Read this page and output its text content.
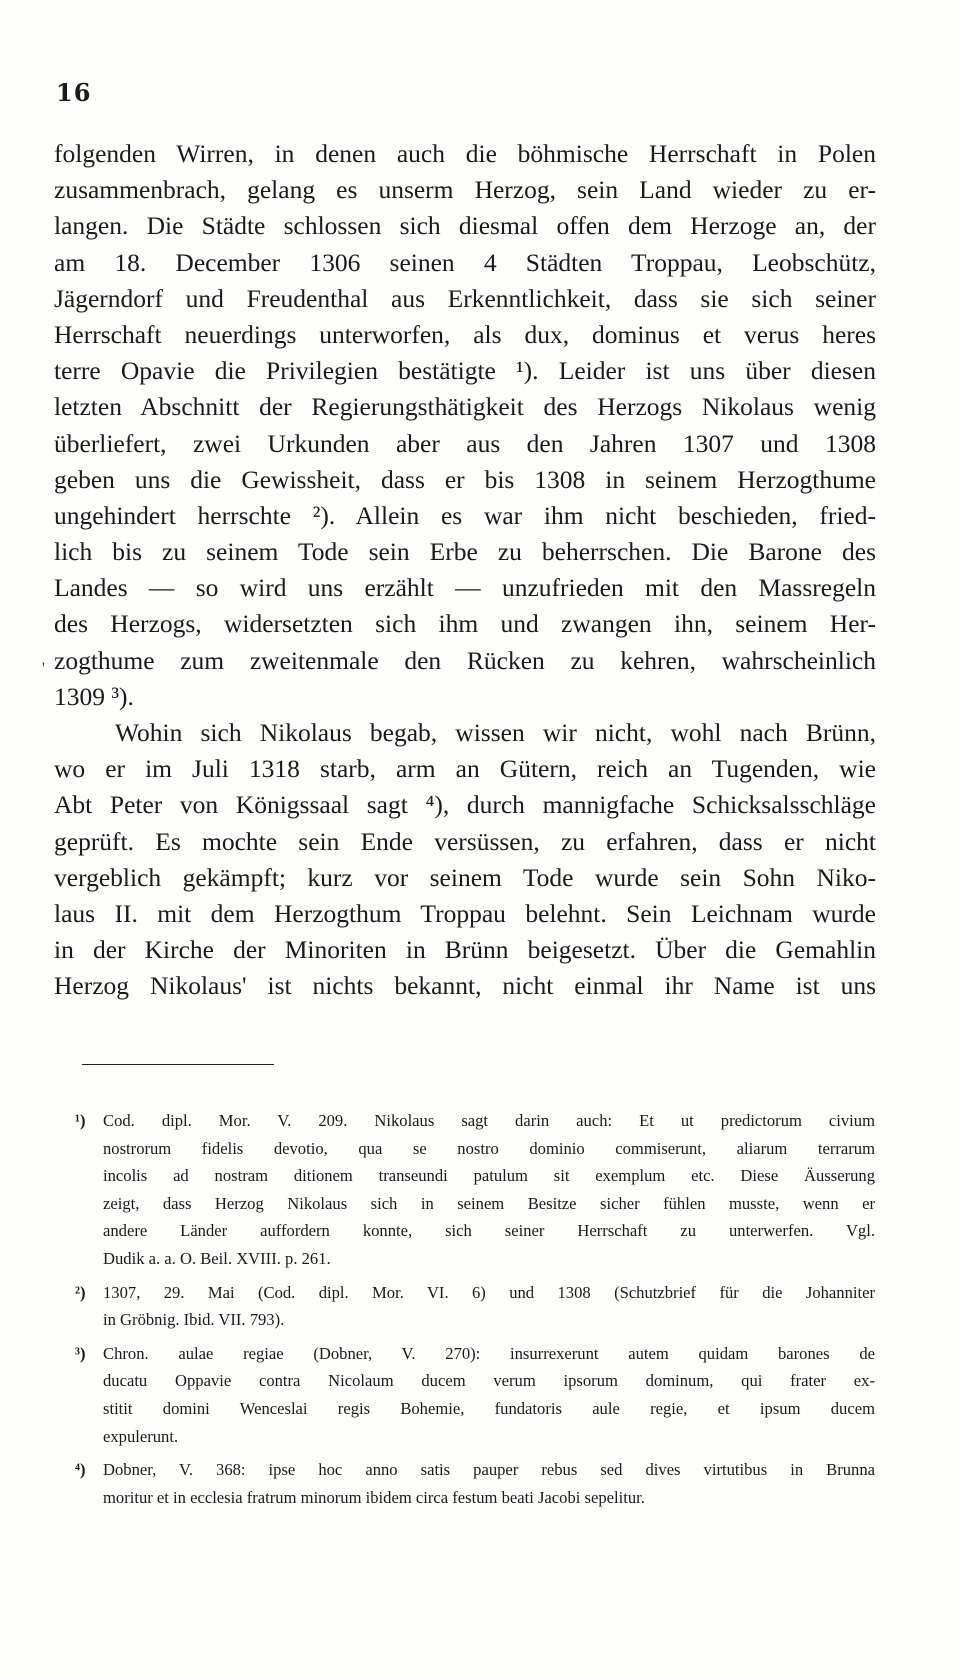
16
'
folgenden Wirren, in denen auch die böhmische Herrschaft in Polen
zusammenbrach, gelang es unserm Herzog, sein Land wieder zu er-
langen. Die Städte schlossen sich diesmal offen dem Herzoge an, der
am 18. December 1306 seinen 4 Städten Troppau, Leobschütz,
Jägerndorf und Freudenthal aus Erkenntlichkeit, dass sie sich seiner
Herrschaft neuerdings unterworfen, als dux, dominus et verus heres
terre Opavie die Privilegien bestätigte ¹). Leider ist uns über diesen
letzten Abschnitt der Regierungsthätigkeit des Herzogs Nikolaus wenig
überliefert, zwei Urkunden aber aus den Jahren 1307 und 1308
geben uns die Gewissheit, dass er bis 1308 in seinem Herzogthume
ungehindert herrschte ²). Allein es war ihm nicht beschieden, fried-
lich bis zu seinem Tode sein Erbe zu beherrschen. Die Barone des
Landes — so wird uns erzählt — unzufrieden mit den Massregeln
des Herzogs, widersetzten sich ihm und zwangen ihn, seinem Her-
zogthume zum zweitenmale den Rücken zu kehren, wahrscheinlich
1309 ³).
Wohin sich Nikolaus begab, wissen wir nicht, wohl nach Brünn,
wo er im Juli 1318 starb, arm an Gütern, reich an Tugenden, wie
Abt Peter von Königssaal sagt ⁴), durch mannigfache Schicksalsschläge
geprüft. Es mochte sein Ende versüssen, zu erfahren, dass er nicht
vergeblich gekämpft; kurz vor seinem Tode wurde sein Sohn Niko-
laus II. mit dem Herzogthum Troppau belehnt. Sein Leichnam wurde
in der Kirche der Minoriten in Brünn beigesetzt. Über die Gemahlin
Herzog Nikolaus' ist nichts bekannt, nicht einmal ihr Name ist uns
¹) Cod. dipl. Mor. V. 209. Nikolaus sagt darin auch: Et ut predictorum civium
nostrorum fidelis devotio, qua se nostro dominio commiserunt, aliarum terrarum
incolis ad nostram ditionem transeundi patulum sit exemplum etc. Diese Äusserung
zeigt, dass Herzog Nikolaus sich in seinem Besitze sicher fühlen musste, wenn er
andere Länder auffordern konnte, sich seiner Herrschaft zu unterwerfen. Vgl.
Dudik a. a. O. Beil. XVIII. p. 261.
²) 1307, 29. Mai (Cod. dipl. Mor. VI. 6) und 1308 (Schutzbrief für die Johanniter
in Gröbnig. Ibid. VII. 793).
³) Chron. aulae regiae (Dobner, V. 270): insurrexerunt autem quidam barones de
ducatu Oppavie contra Nicolaum ducem verum ipsorum dominum, qui frater ex-
stitit domini Wenceslai regis Bohemie, fundatoris aule regie, et ipsum ducem
expulerunt.
⁴) Dobner, V. 368: ipse hoc anno satis pauper rebus sed dives virtutibus in Brunna
moritur et in ecclesia fratrum minorum ibidem circa festum beati Jacobi sepelitur.
